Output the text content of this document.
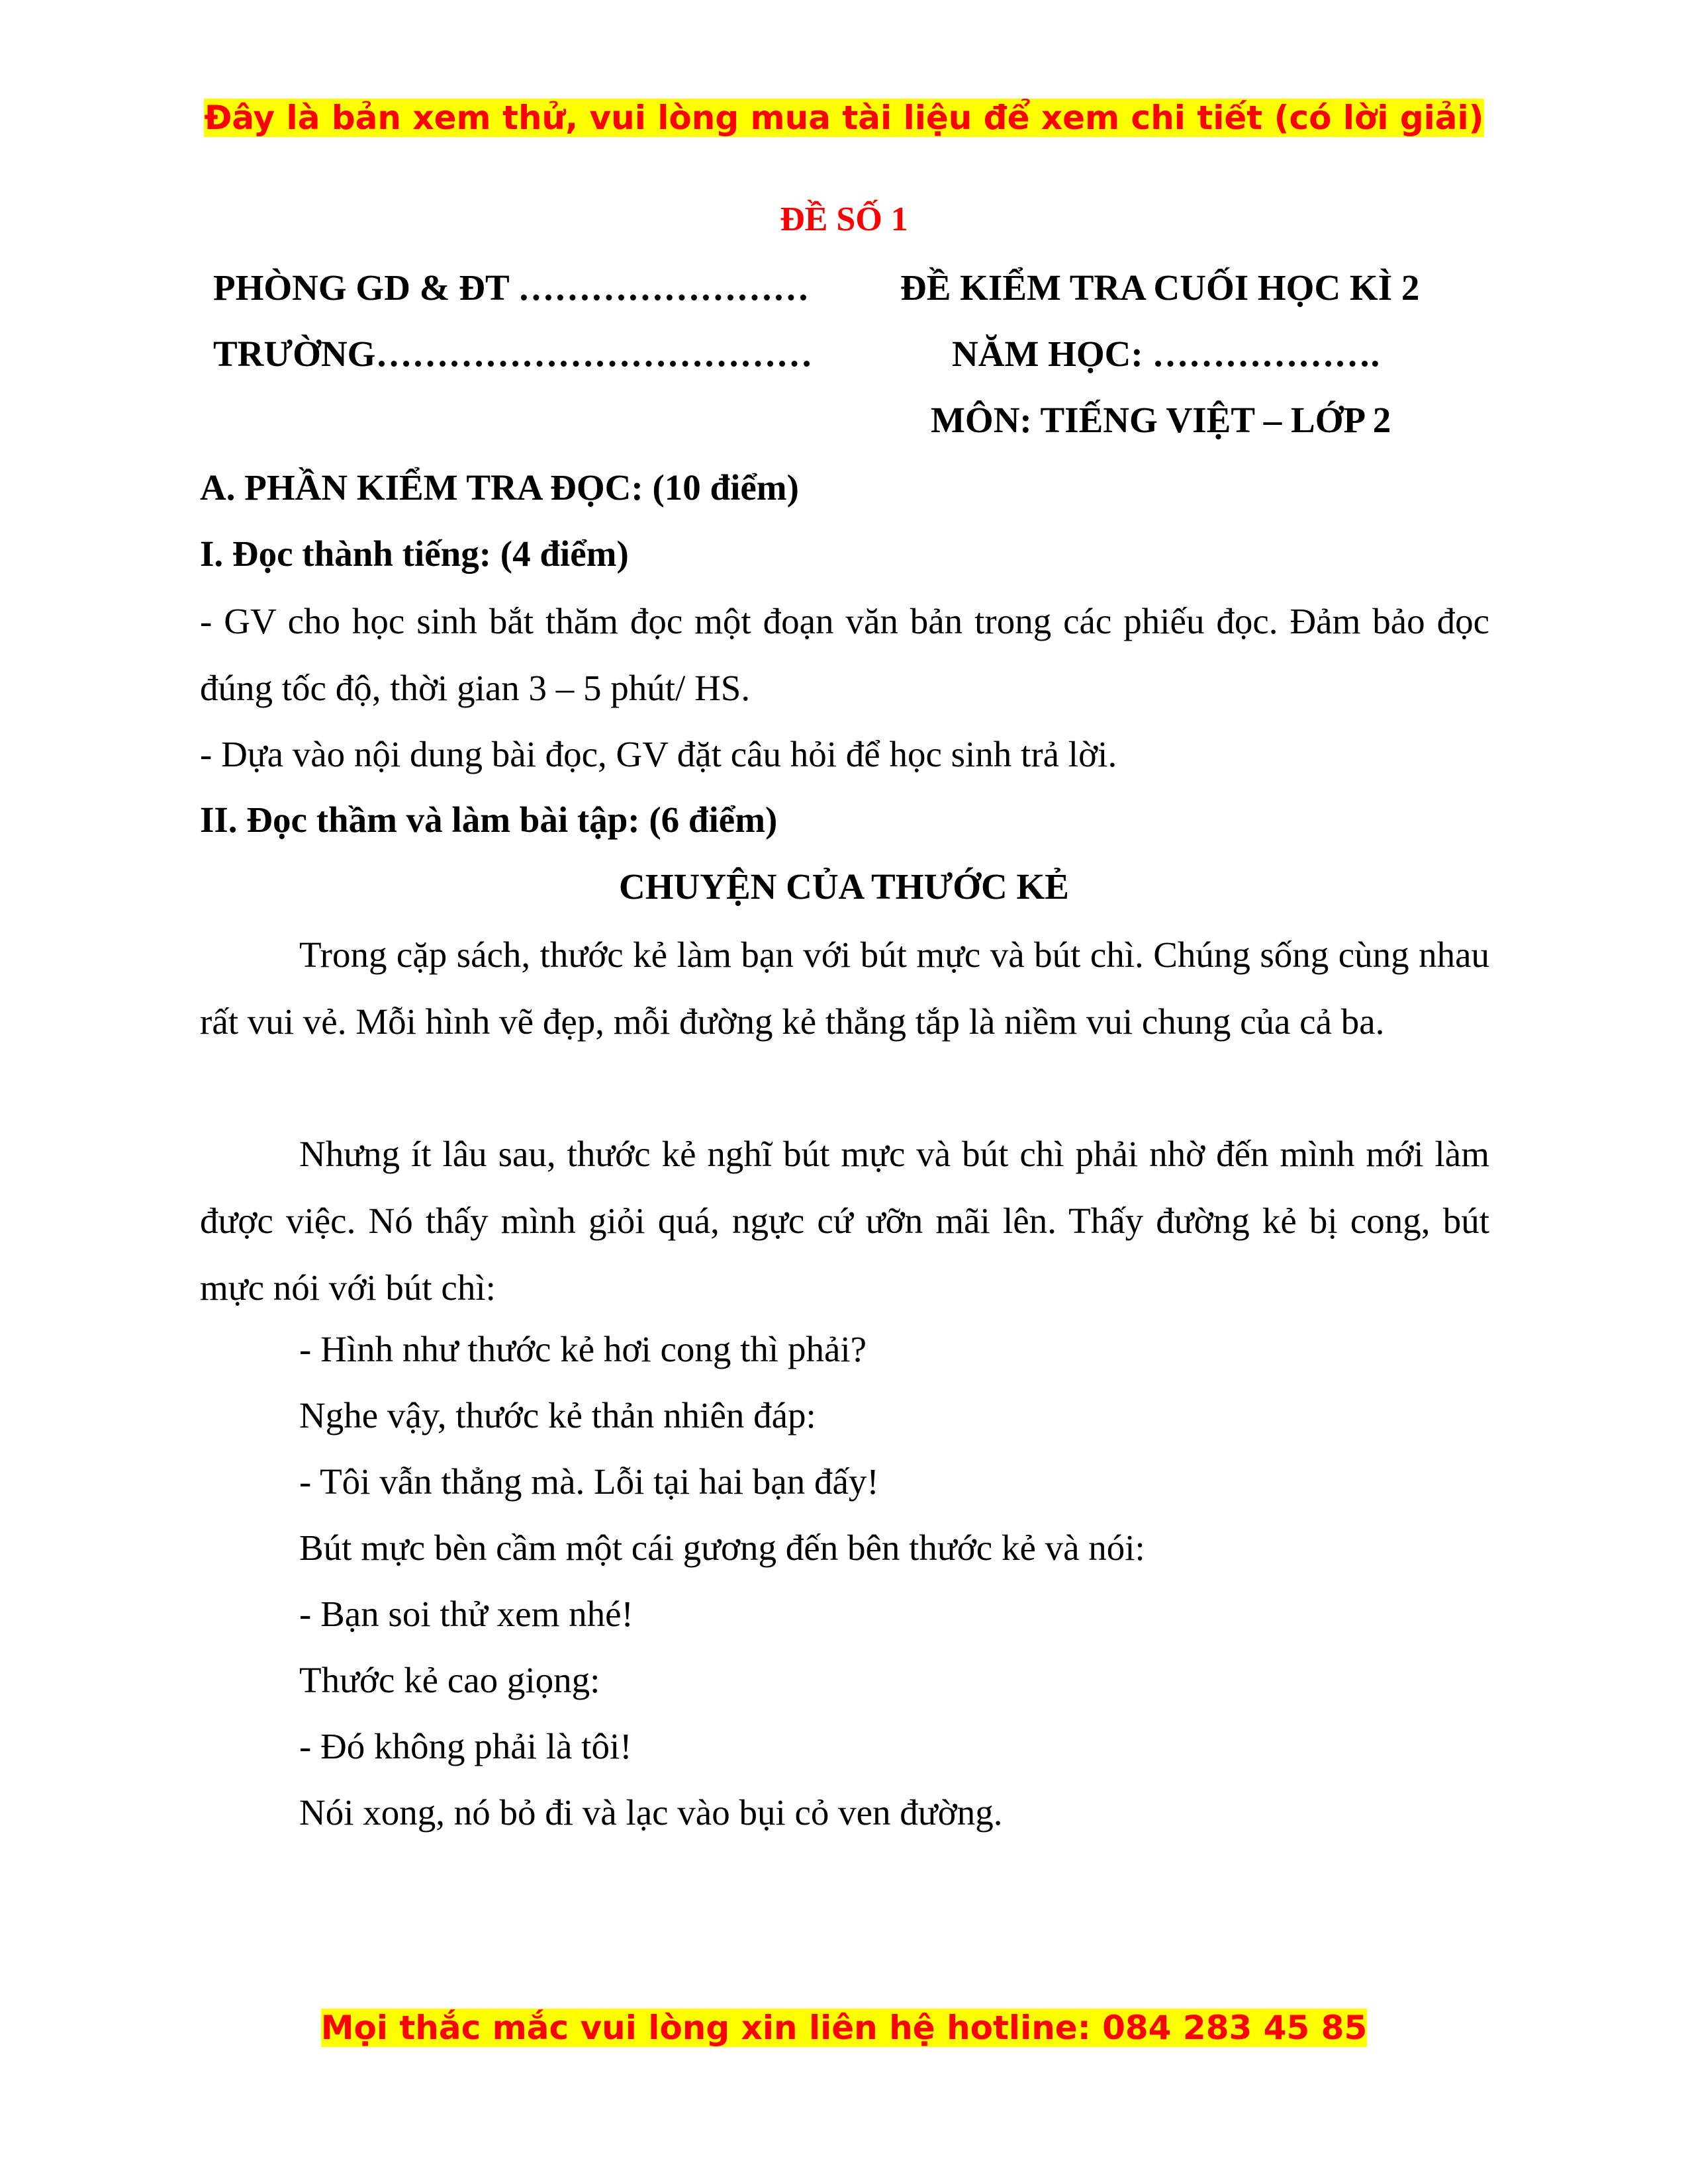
Đây là bản xem thử, vui lòng mua tài liệu để xem chi tiết (có lời giải)
ĐỀ SỐ 1
PHÒNG GD & ĐT ……………………	ĐỀ KIỂM TRA CUỐI HỌC KÌ 2
TRƯỜNG………………………………	NĂM HỌC: ……………….
MÔN: TIẾNG VIỆT – LỚP 2
A. PHẦN KIỂM TRA ĐỌC: (10 điểm)
I. Đọc thành tiếng: (4 điểm)
- GV cho học sinh bắt thăm đọc một đoạn văn bản trong các phiếu đọc. Đảm bảo đọc đúng tốc độ, thời gian 3 – 5 phút/ HS.
- Dựa vào nội dung bài đọc, GV đặt câu hỏi để học sinh trả lời.
II. Đọc thầm và làm bài tập: (6 điểm)
CHUYỆN CỦA THƯỚC KẺ
Trong cặp sách, thước kẻ làm bạn với bút mực và bút chì. Chúng sống cùng nhau rất vui vẻ. Mỗi hình vẽ đẹp, mỗi đường kẻ thẳng tắp là niềm vui chung của cả ba.
Nhưng ít lâu sau, thước kẻ nghĩ bút mực và bút chì phải nhờ đến mình mới làm được việc. Nó thấy mình giỏi quá, ngực cứ ưỡn mãi lên. Thấy đường kẻ bị cong, bút mực nói với bút chì:
- Hình như thước kẻ hơi cong thì phải?
Nghe vậy, thước kẻ thản nhiên đáp:
- Tôi vẫn thẳng mà. Lỗi tại hai bạn đấy!
Bút mực bèn cầm một cái gương đến bên thước kẻ và nói:
- Bạn soi thử xem nhé!
Thước kẻ cao giọng:
- Đó không phải là tôi!
Nói xong, nó bỏ đi và lạc vào bụi cỏ ven đường.
Mọi thắc mắc vui lòng xin liên hệ hotline: 084 283 45 85
